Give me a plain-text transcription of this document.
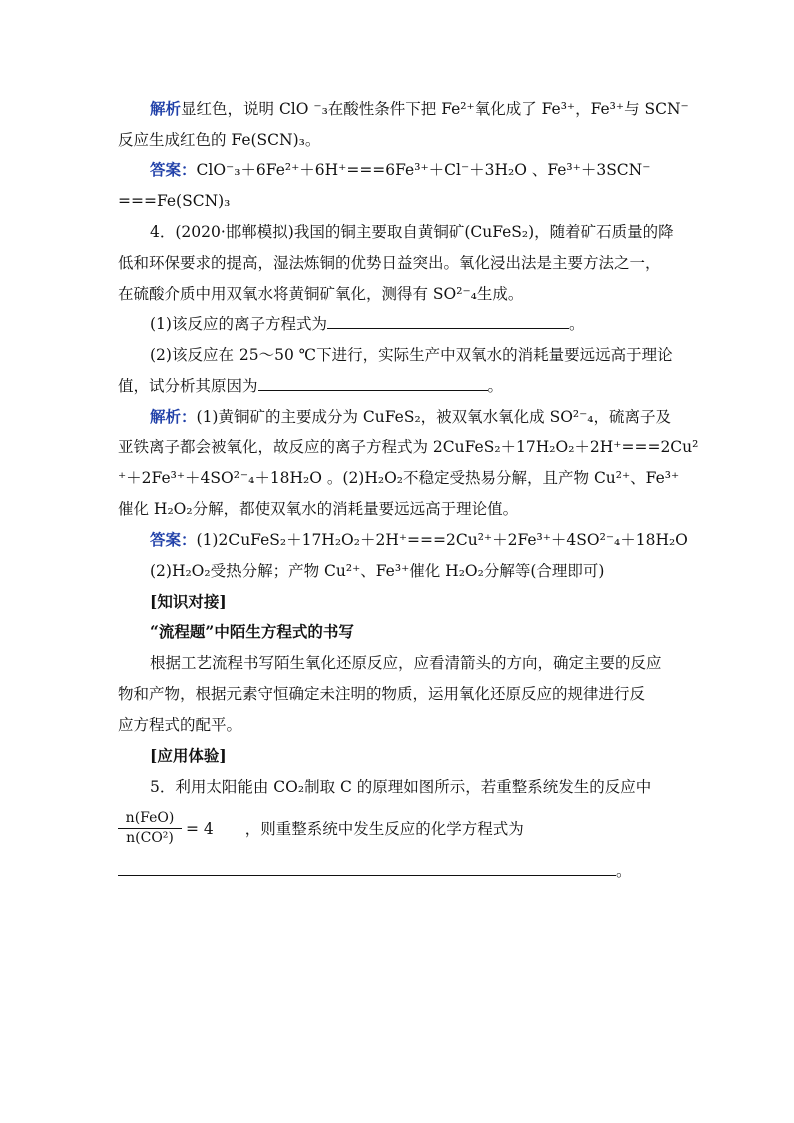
解析显红色，说明 ClO ⁻₃在酸性条件下把 Fe²⁺氧化成了 Fe³⁺，Fe³⁺与 SCN⁻
反应生成红色的 Fe(SCN)₃。
答案：ClO⁻₃＋6Fe²⁺＋6H⁺===6Fe³⁺＋Cl⁻＋3H₂O 、Fe³⁺＋3SCN⁻
===Fe(SCN)₃
4．(2020·邯郸模拟)我国的铜主要取自黄铜矿(CuFeS₂)，随着矿石质量的降
低和环保要求的提高，湿法炼铜的优势日益突出。氧化浸出法是主要方法之一，
在硫酸介质中用双氧水将黄铜矿氧化，测得有 SO²⁻₄生成。
(1)该反应的离子方程式为	。
(2)该反应在 25～50 ℃下进行，实际生产中双氧水的消耗量要远远高于理论
值，试分析其原因为	。
解析：(1)黄铜矿的主要成分为 CuFeS₂，被双氧水氧化成 SO²⁻₄，硫离子及
亚铁离子都会被氧化，故反应的离子方程式为 2CuFeS₂＋17H₂O₂＋2H⁺===2Cu²
⁺＋2Fe³⁺＋4SO²⁻₄＋18H₂O 。(2)H₂O₂不稳定受热易分解，且产物 Cu²⁺、Fe³⁺
催化 H₂O₂分解，都使双氧水的消耗量要远远高于理论值。
答案：(1)2CuFeS₂＋17H₂O₂＋2H⁺===2Cu²⁺＋2Fe³⁺＋4SO²⁻₄＋18H₂O
(2)H₂O₂受热分解；产物 Cu²⁺、Fe³⁺催化 H₂O₂分解等(合理即可)
[知识对接]
“流程题”中陌生方程式的书写
根据工艺流程书写陌生氧化还原反应，应看清箭头的方向，确定主要的反应
物和产物，根据元素守恒确定未注明的物质，运用氧化还原反应的规律进行反
应方程式的配平。
[应用体验]
5．利用太阳能由 CO₂制取 C 的原理如图所示，若重整系统发生的反应中
n(FeO)
n(CO²) = 4　　，则重整系统中发生反应的化学方程式为
。
